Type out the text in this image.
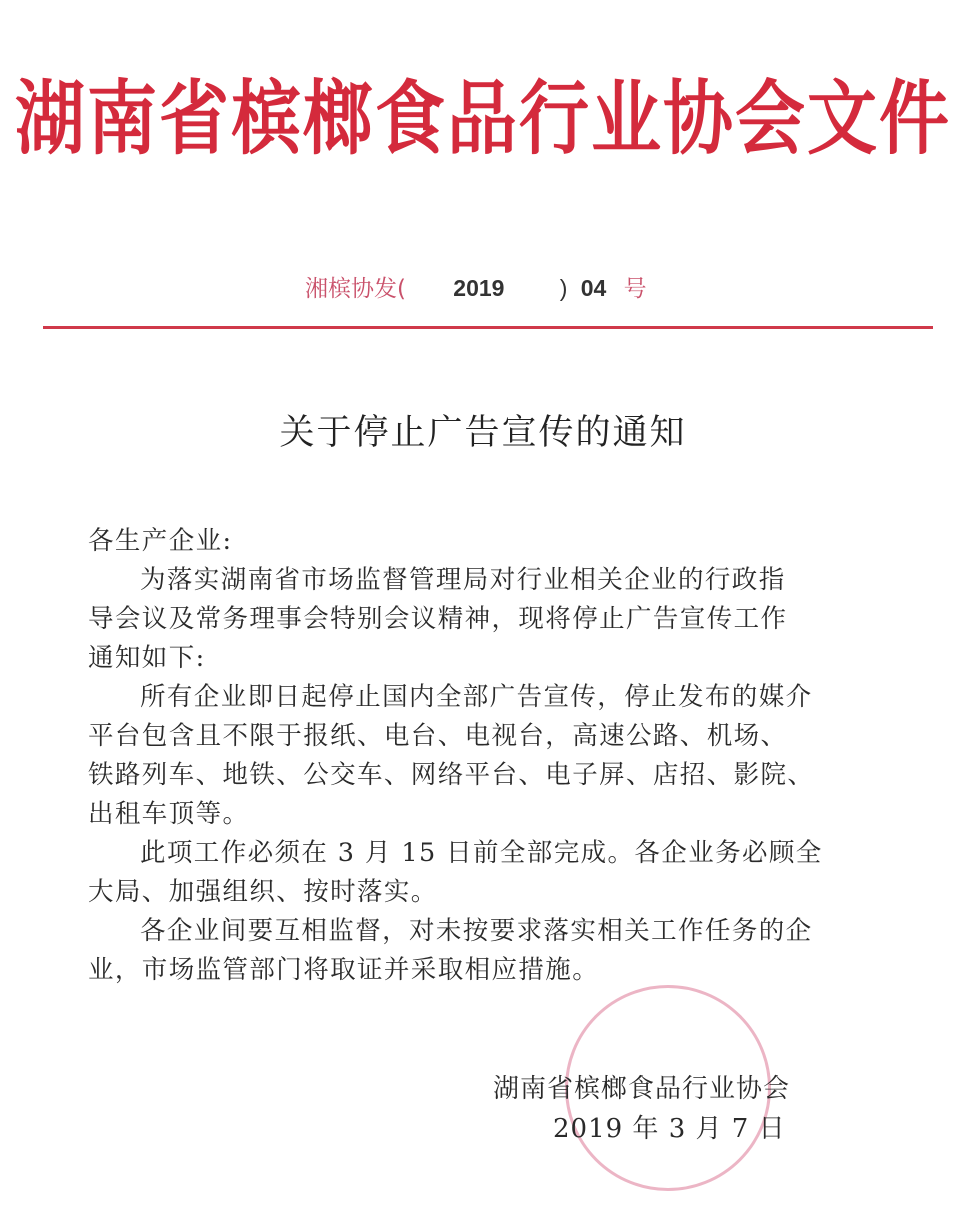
湖南省槟榔食品行业协会文件
湘槟协发( 2019 ) 04 号
关于停止广告宣传的通知
各生产企业:
为落实湖南省市场监督管理局对行业相关企业的行政指
导会议及常务理事会特别会议精神，现将停止广告宣传工作
通知如下:
所有企业即日起停止国内全部广告宣传，停止发布的媒介
平台包含且不限于报纸、电台、电视台，高速公路、机场、
铁路列车、地铁、公交车、网络平台、电子屏、店招、影院、
出租车顶等。
此项工作必须在 3 月 15 日前全部完成。各企业务必顾全
大局、加强组织、按时落实。
各企业间要互相监督，对未按要求落实相关工作任务的企
业，市场监管部门将取证并采取相应措施。
湖南省槟榔食品行业协会
2019 年 3 月 7 日
